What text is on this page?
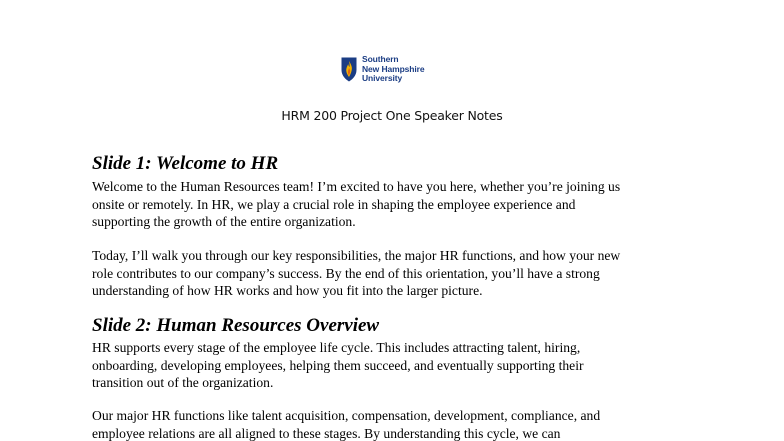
Southern
New Hampshire
University
HRM 200 Project One Speaker Notes
Slide 1: Welcome to HR
Welcome to the Human Resources team! I’m excited to have you here, whether you’re joining us
onsite or remotely. In HR, we play a crucial role in shaping the employee experience and
supporting the growth of the entire organization.
Today, I’ll walk you through our key responsibilities, the major HR functions, and how your new
role contributes to our company’s success. By the end of this orientation, you’ll have a strong
understanding of how HR works and how you fit into the larger picture.
Slide 2: Human Resources Overview
HR supports every stage of the employee life cycle. This includes attracting talent, hiring,
onboarding, developing employees, helping them succeed, and eventually supporting their
transition out of the organization.
Our major HR functions like talent acquisition, compensation, development, compliance, and
employee relations are all aligned to these stages. By understanding this cycle, we can
